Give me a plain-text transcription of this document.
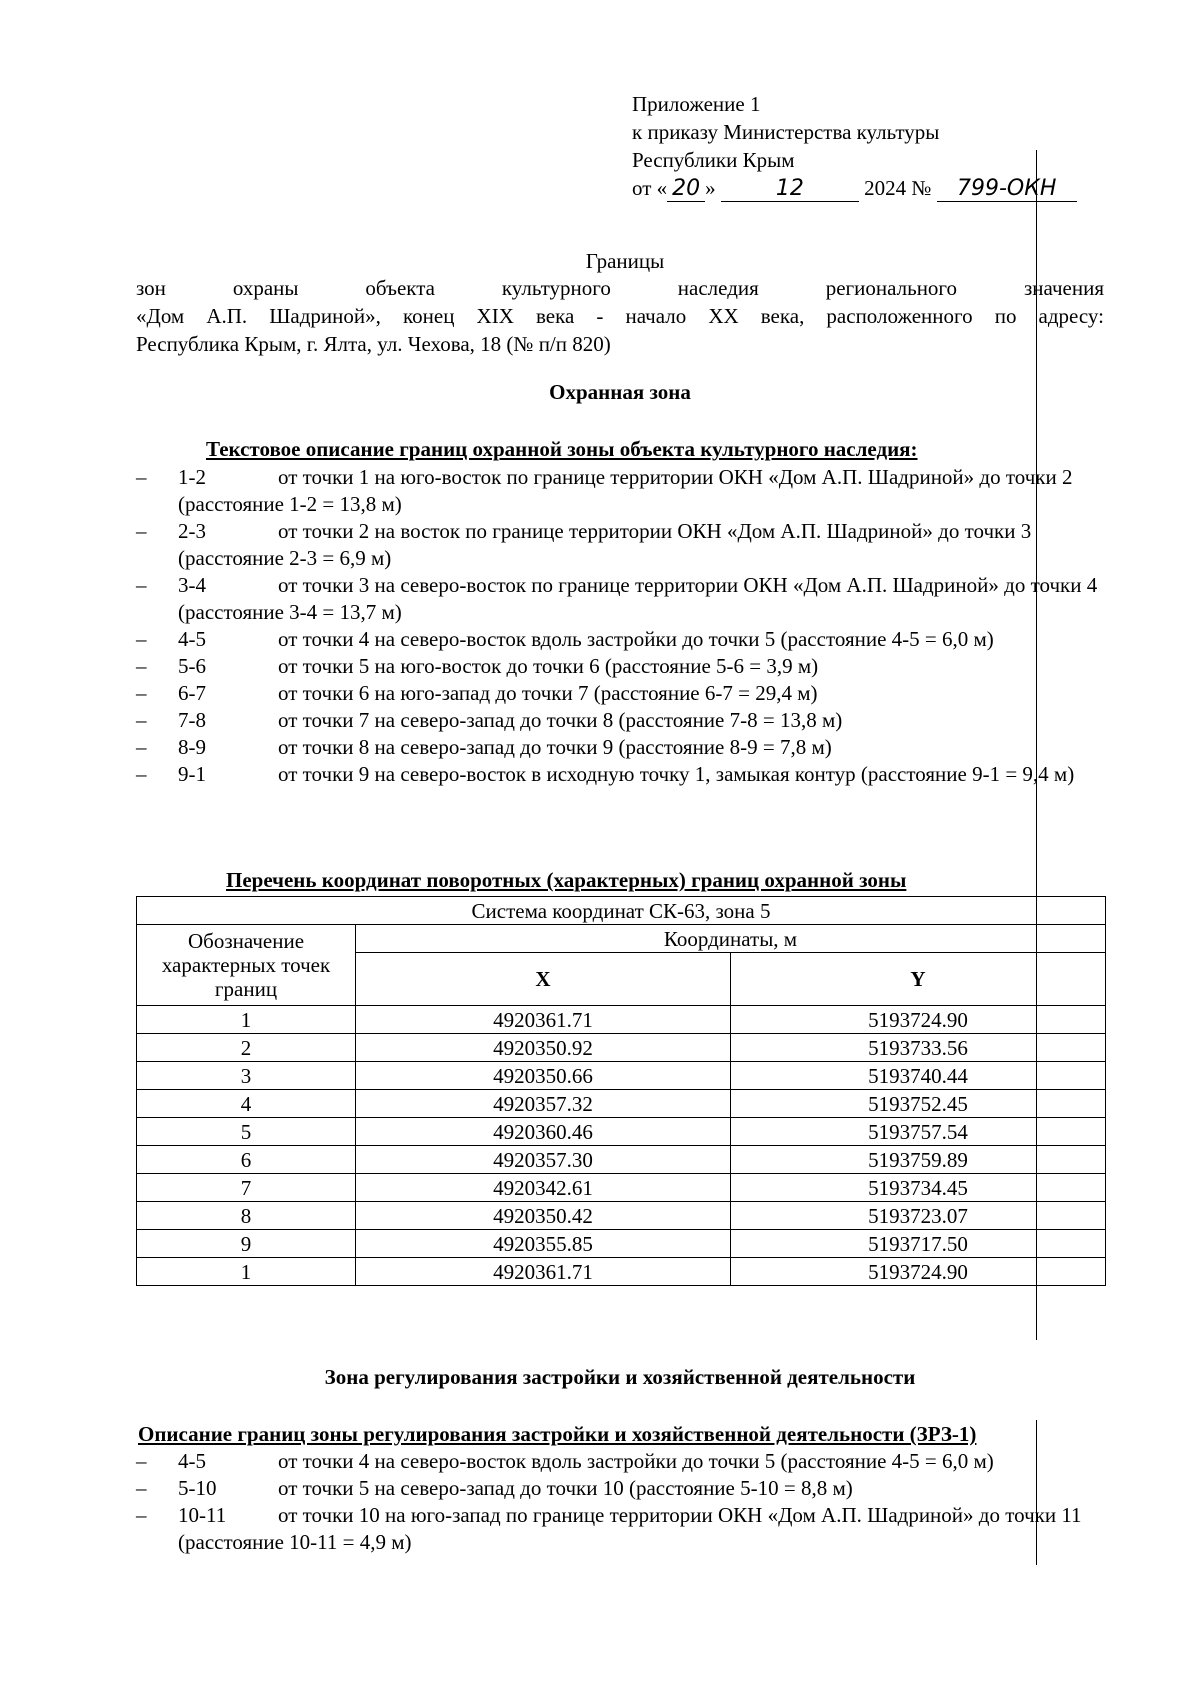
Приложение 1
к приказу Министерства культуры
Республики Крым
от « 20 »	12	2024 № 799-ОКН
Границы
зон охраны объекта культурного наследия регионального значения
«Дом А.П. Шадриной», конец XIX века - начало XX века, расположенного по адресу:
Республика Крым, г. Ялта, ул. Чехова, 18 (№ п/п 820)
Охранная зона
Текстовое описание границ охранной зоны объекта культурного наследия:
– 1-2	от точки 1 на юго-восток по границе территории ОКН «Дом А.П. Шадриной» до точки 2 (расстояние 1-2 = 13,8 м)
– 2-3	от точки 2 на восток по границе территории ОКН «Дом А.П. Шадриной» до точки 3 (расстояние 2-3 = 6,9 м)
– 3-4	от точки 3 на северо-восток по границе территории ОКН «Дом А.П. Шадриной» до точки 4 (расстояние 3-4 = 13,7 м)
– 4-5	от точки 4 на северо-восток вдоль застройки до точки 5 (расстояние 4-5 = 6,0 м)
– 5-6	от точки 5 на юго-восток до точки 6 (расстояние 5-6 = 3,9 м)
– 6-7	от точки 6 на юго-запад до точки 7 (расстояние 6-7 = 29,4 м)
– 7-8	от точки 7 на северо-запад до точки 8 (расстояние 7-8 = 13,8 м)
– 8-9	от точки 8 на северо-запад до точки 9 (расстояние 8-9 = 7,8 м)
– 9-1	от точки 9 на северо-восток в исходную точку 1, замыкая контур (расстояние 9-1 = 9,4 м)
Перечень координат поворотных (характерных) границ охранной зоны
Система координат СК-63, зона 5		
Обозначение характерных точек границ	Координаты, м	
	X	Y
1	4920361.71	5193724.90
2	4920350.92	5193733.56
3	4920350.66	5193740.44
4	4920357.32	5193752.45
5	4920360.46	5193757.54
6	4920357.30	5193759.89
7	4920342.61	5193734.45
8	4920350.42	5193723.07
9	4920355.85	5193717.50
1	4920361.71	5193724.90
Зона регулирования застройки и хозяйственной деятельности
Описание границ зоны регулирования застройки и хозяйственной деятельности (ЗРЗ-1)
– 4-5	от точки 4 на северо-восток вдоль застройки до точки 5 (расстояние 4-5 = 6,0 м)
– 5-10	от точки 5 на северо-запад до точки 10 (расстояние 5-10 = 8,8 м)
– 10-11 от точки 10 на юго-запад по границе территории ОКН «Дом А.П. Шадриной» до точки 11 (расстояние 10-11 = 4,9 м)
